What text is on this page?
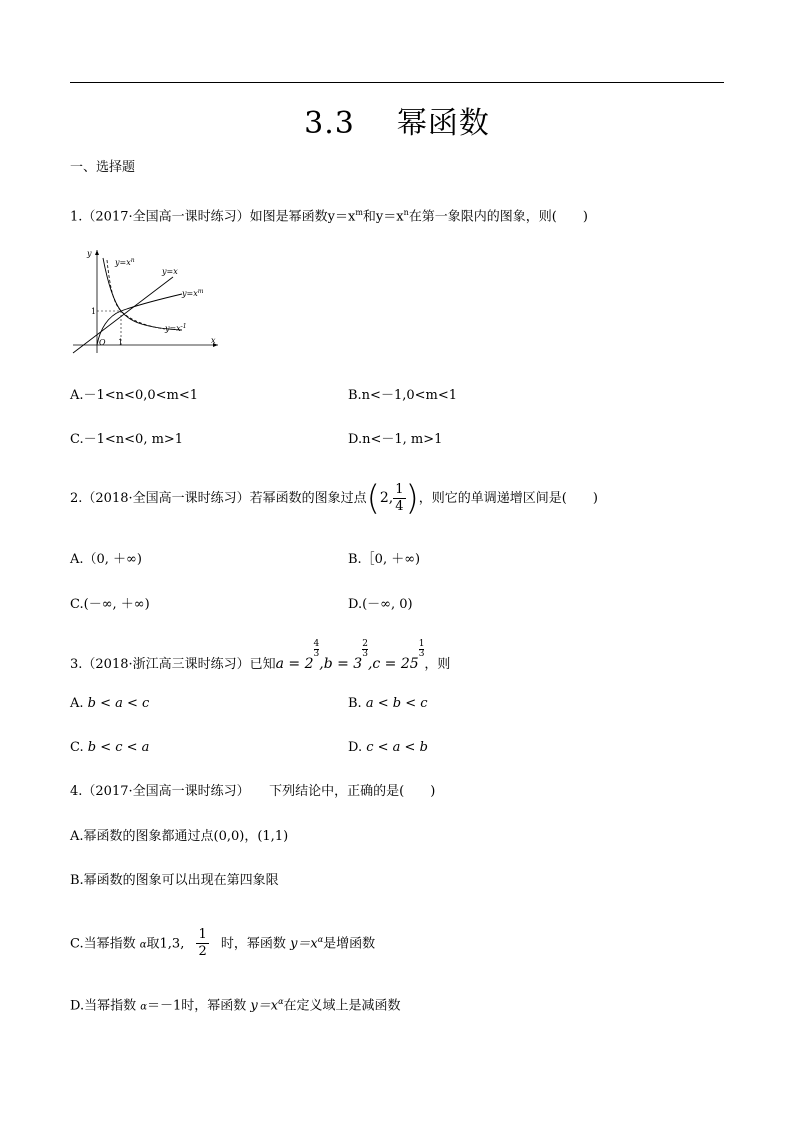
3.3 幂函数
一、选择题
1.（2017·全国高一课时练习）如图是幂函数$y=x^m$和$y=x^n$在第一象限内的图象，则(　　)
y
x
O 1
1
$y=x^n$
y=x
$y=x^m$
$y=x^{-1}$
A.－1<n<0,0<m<1	B.n<－1,0<m<1
C.－1<n<0, m>1	D.n<－1, m>1
2.（2018·全国高一课时练习）若幂函数的图象过点(2, $\frac{1}{4}$ )，则它的单调递增区间是(　　)
A.（0, ＋∞)	B.［0, ＋∞)
C.(－∞, ＋∞)	D.(－∞, 0)
3.（2018·浙江高三课时练习）已知a = 2
$\frac{4}{3}$
,b = 3
$\frac{2}{3}$
,c = 25
$\frac{1}{3}$
，则
A. b < a < c	B. a < b < c
C. b < c < a	D. c < a < b
4.（2017·全国高一课时练习）　　下列结论中，正确的是(　　)
A.幂函数的图象都通过点(0,0)，(1,1)
B.幂函数的图象可以出现在第四象限
C.当幂指数 α取1,3, $\frac{1}{2}$ 时，幂函数 $y=x^\alpha$是增函数
D.当幂指数 α＝－1时，幂函数 $y=x^\alpha$在定义域上是减函数
